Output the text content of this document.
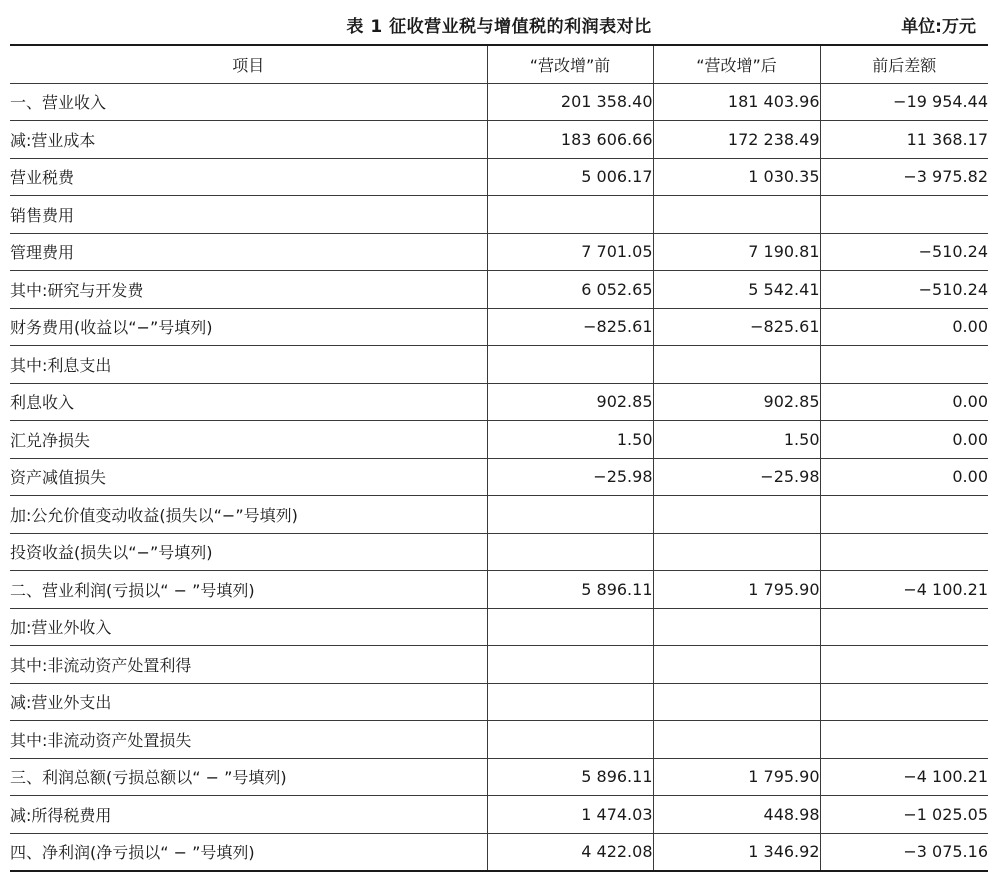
表 1 征收营业税与增值税的利润表对比	单位:万元
项目	“营改增”前	“营改增”后	前后差额
一、营业收入	201 358.40	181 403.96	−19 954.44
减:营业成本	183 606.66	172 238.49	11 368.17
营业税费	5 006.17	1 030.35	−3 975.82
销售费用			
管理费用	7 701.05	7 190.81	−510.24
其中:研究与开发费	6 052.65	5 542.41	−510.24
财务费用(收益以“−”号填列)	−825.61	−825.61	0.00
其中:利息支出			
利息收入	902.85	902.85	0.00
汇兑净损失	1.50	1.50	0.00
资产减值损失	−25.98	−25.98	0.00
加:公允价值变动收益(损失以“−”号填列)			
投资收益(损失以“−”号填列)			
二、营业利润(亏损以“ − ”号填列)	5 896.11	1 795.90	−4 100.21
加:营业外收入			
其中:非流动资产处置利得			
减:营业外支出			
其中:非流动资产处置损失			
三、利润总额(亏损总额以“ − ”号填列)	5 896.11	1 795.90	−4 100.21
减:所得税费用	1 474.03	448.98	−1 025.05
四、净利润(净亏损以“ − ”号填列)	4 422.08	1 346.92	−3 075.16
